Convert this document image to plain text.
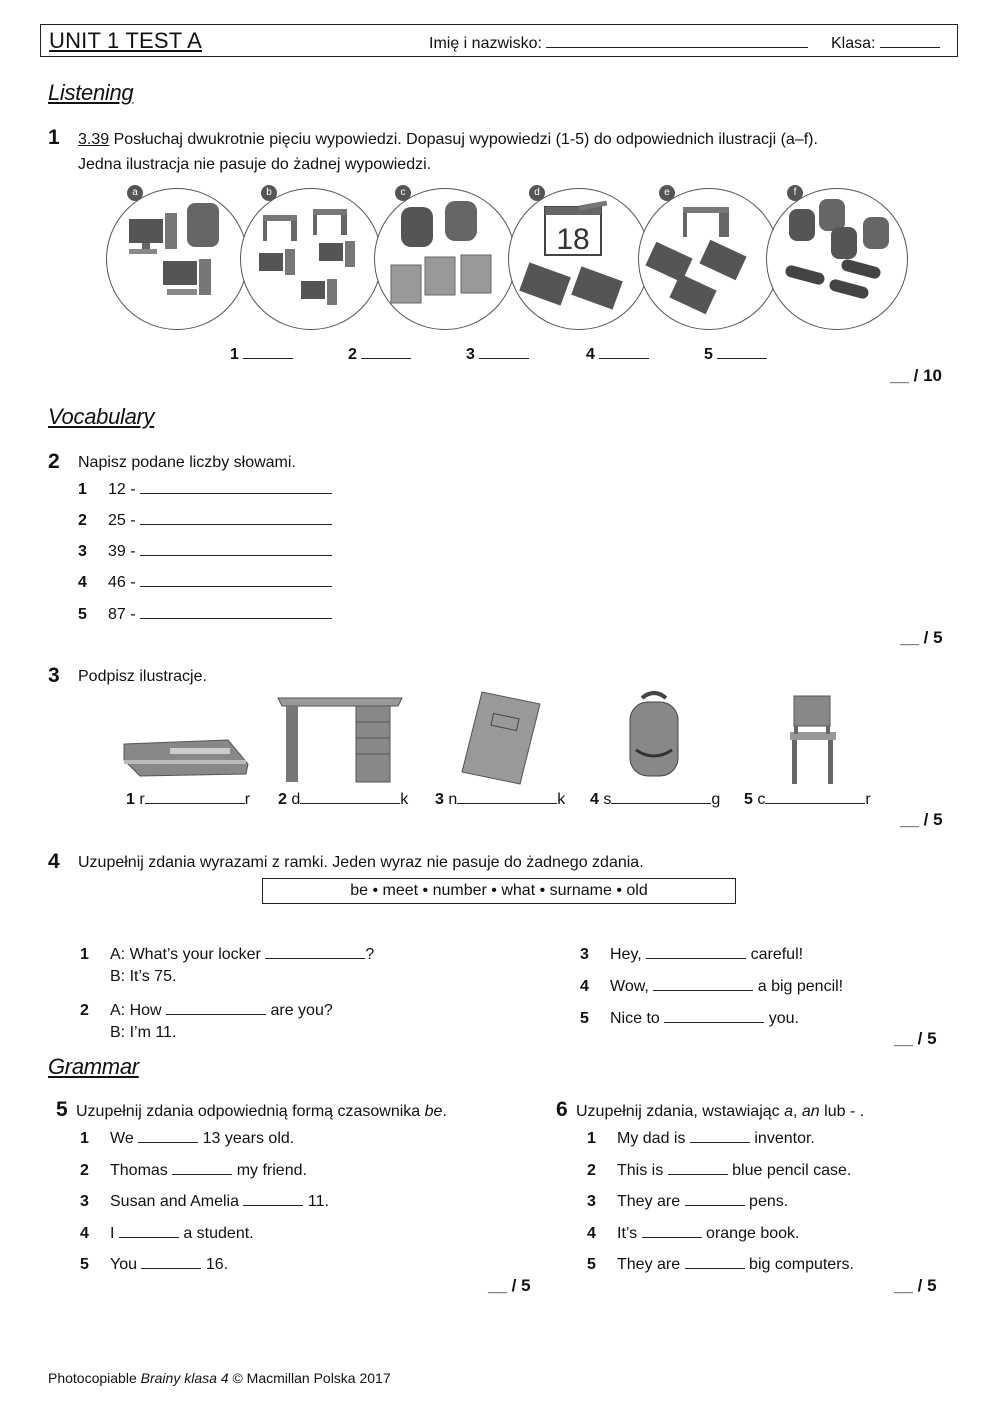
UNIT 1 TEST A	Imię i nazwisko:	Klasa:
Listening
1 3.39 Posłuchaj dwukrotnie pięciu wypowiedzi. Dopasuj wypowiedzi (1-5) do odpowiednich ilustracji (a–f).
Jedna ilustracja nie pasuje do żadnej wypowiedzi.
a	b	c
18
d	e	f
1	2	3	4	5
__ / 10
Vocabulary
2 Napisz podane liczby słowami.
1 12 -
2 25 -
3 39 -
4 46 -
5 87 -
__ / 5
3 Podpisz ilustracje.
1 r	r 2 d	k 3 n	k 4 s	g 5 c	r
__ / 5
4 Uzupełnij zdania wyrazami z ramki. Jeden wyraz nie pasuje do żadnego zdania.
be • meet • number • what • surname • old
1 A: What’s your locker	?
B: It’s 75.
2 A: How	are you?
B: I’m 11.
3 Hey,	careful!
4 Wow,	a big pencil!
5 Nice to	you.
__ / 5
Grammar
5 Uzupełnij zdania odpowiednią formą czasownika be.
1 We	13 years old.
2 Thomas	my friend.
3 Susan and Amelia	11.
4 I	a student.
5 You	16.
__ / 5
6 Uzupełnij zdania, wstawiając a, an lub - .
1 My dad is	inventor.
2 This is	blue pencil case.
3 They are	pens.
4 It’s	orange book.
5 They are	big computers.
__ / 5
Photocopiable Brainy klasa 4 © Macmillan Polska 2017
